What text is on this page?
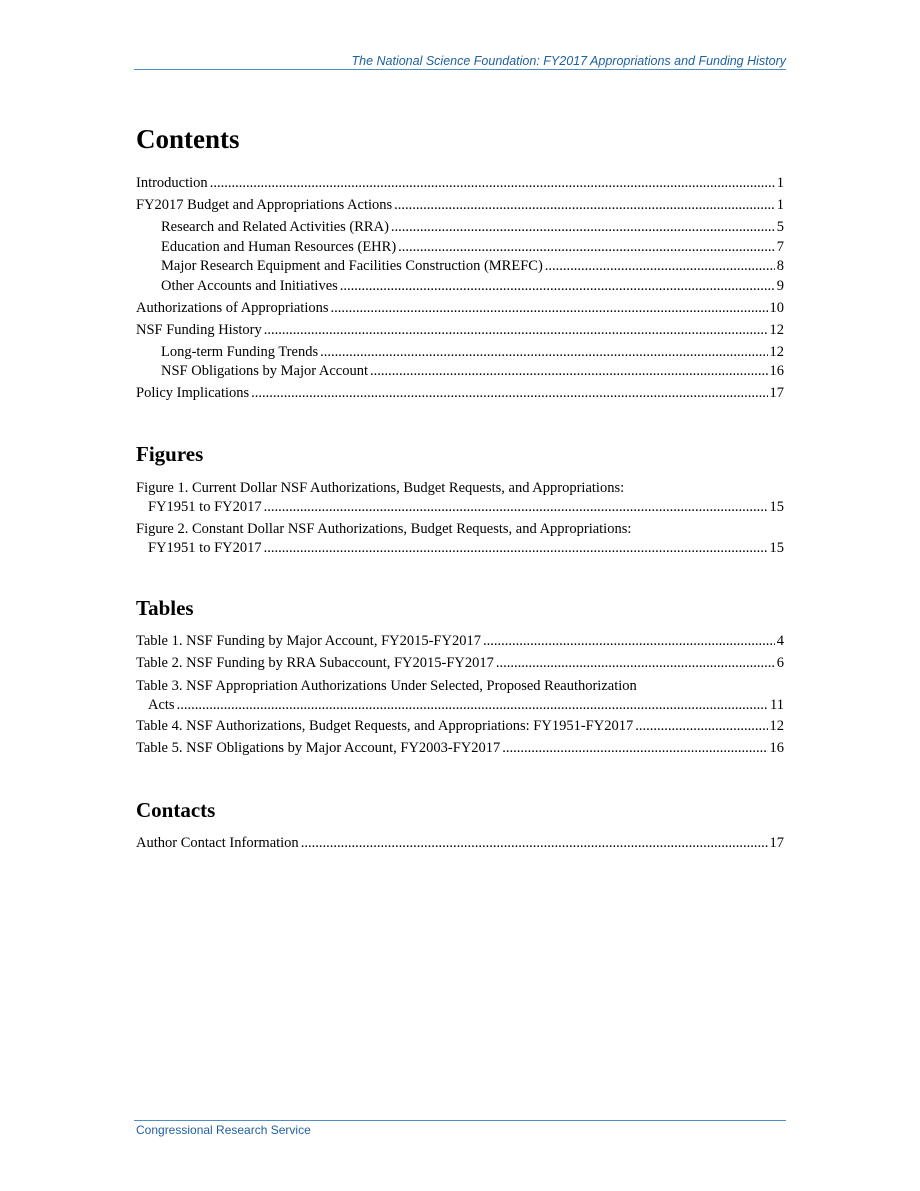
The National Science Foundation: FY2017 Appropriations and Funding History
Contents
Introduction .....	1
FY2017 Budget and Appropriations Actions .....	1
Research and Related Activities (RRA) .....	5
Education and Human Resources (EHR) .....	7
Major Research Equipment and Facilities Construction (MREFC) .....	8
Other Accounts and Initiatives .....	9
Authorizations of Appropriations .....	10
NSF Funding History .....	12
Long-term Funding Trends .....	12
NSF Obligations by Major Account .....	16
Policy Implications .....	17
Figures
Figure 1. Current Dollar NSF Authorizations, Budget Requests, and Appropriations:
FY1951 to FY2017 .....	15
Figure 2. Constant Dollar NSF Authorizations, Budget Requests, and Appropriations:
FY1951 to FY2017 .....	15
Tables
Table 1. NSF Funding by Major Account, FY2015-FY2017 .....	4
Table 2. NSF Funding by RRA Subaccount, FY2015-FY2017 .....	6
Table 3. NSF Appropriation Authorizations Under Selected, Proposed Reauthorization
Acts .....	11
Table 4. NSF Authorizations, Budget Requests, and Appropriations: FY1951-FY2017 .....	12
Table 5. NSF Obligations by Major Account, FY2003-FY2017 .....	16
Contacts
Author Contact Information .....	17
Congressional Research Service
